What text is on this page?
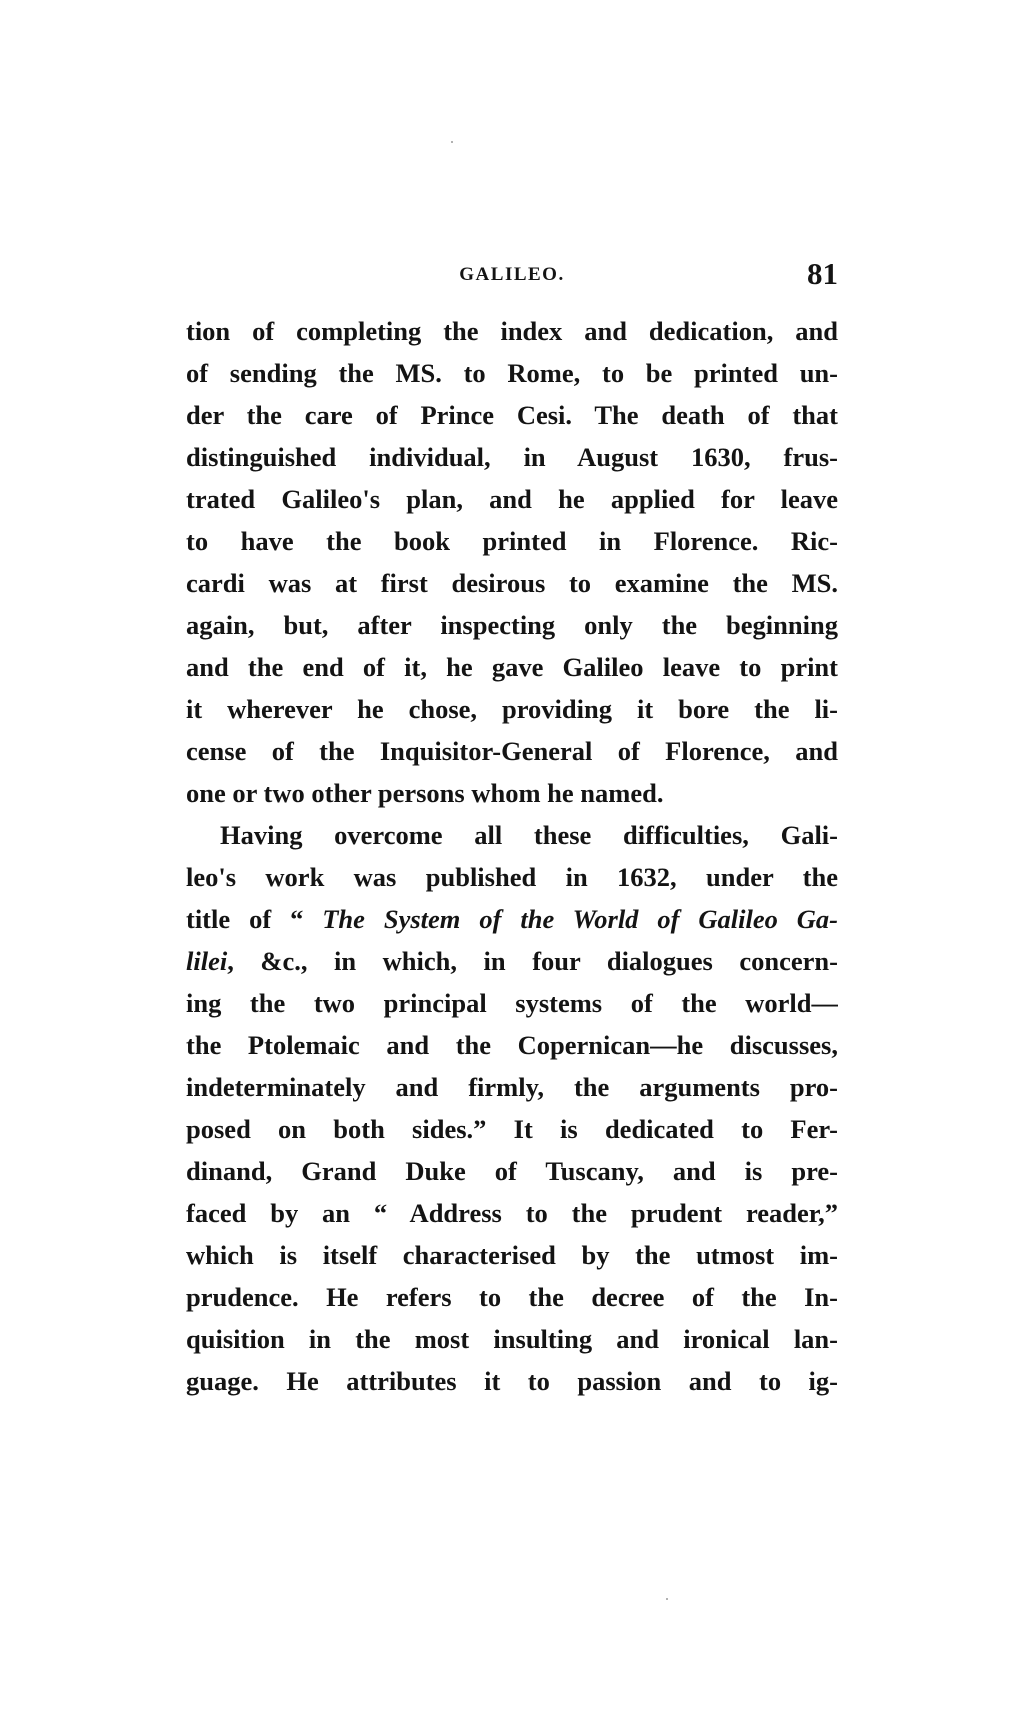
GALILEO.	81
tion of completing the index and dedication, and
of sending the MS. to Rome, to be printed un-
der the care of Prince Cesi. The death of that
distinguished individual, in August 1630, frus-
trated Galileo's plan, and he applied for leave
to have the book printed in Florence. Ric-
cardi was at first desirous to examine the MS.
again, but, after inspecting only the beginning
and the end of it, he gave Galileo leave to print
it wherever he chose, providing it bore the li-
cense of the Inquisitor-General of Florence, and
one or two other persons whom he named.
Having overcome all these difficulties, Gali-
leo's work was published in 1632, under the
title of “ The System of the World of Galileo Ga-
lilei, &c., in which, in four dialogues concern-
ing the two principal systems of the world—
the Ptolemaic and the Copernican—he discusses,
indeterminately and firmly, the arguments pro-
posed on both sides.” It is dedicated to Fer-
dinand, Grand Duke of Tuscany, and is pre-
faced by an “ Address to the prudent reader,”
which is itself characterised by the utmost im-
prudence. He refers to the decree of the In-
quisition in the most insulting and ironical lan-
guage. He attributes it to passion and to ig-
